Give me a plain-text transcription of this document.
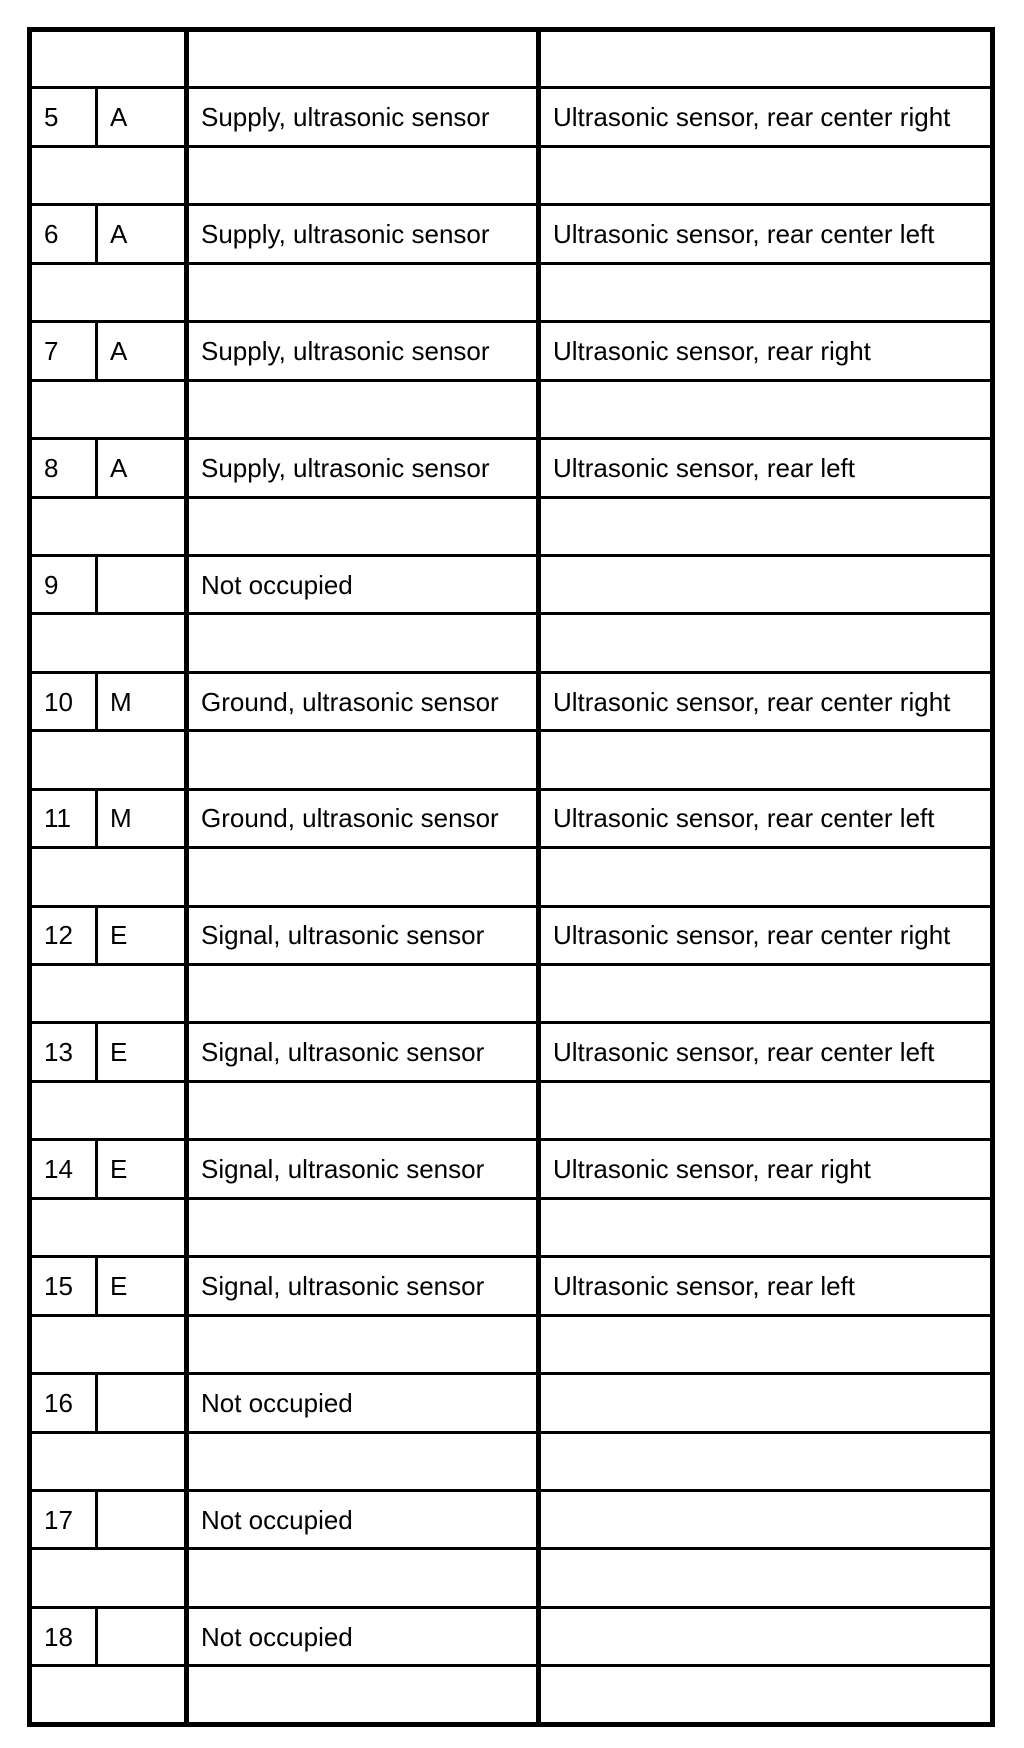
5	A	Supply, ultrasonic sensor	Ultrasonic sensor, rear center right

6	A	Supply, ultrasonic sensor	Ultrasonic sensor, rear center left

7	A	Supply, ultrasonic sensor	Ultrasonic sensor, rear right

8	A	Supply, ultrasonic sensor	Ultrasonic sensor, rear left

9		Not occupied	

10	M	Ground, ultrasonic sensor	Ultrasonic sensor, rear center right

11	M	Ground, ultrasonic sensor	Ultrasonic sensor, rear center left

12	E	Signal, ultrasonic sensor	Ultrasonic sensor, rear center right

13	E	Signal, ultrasonic sensor	Ultrasonic sensor, rear center left

14	E	Signal, ultrasonic sensor	Ultrasonic sensor, rear right

15	E	Signal, ultrasonic sensor	Ultrasonic sensor, rear left

16		Not occupied	

17		Not occupied	

18		Not occupied	
